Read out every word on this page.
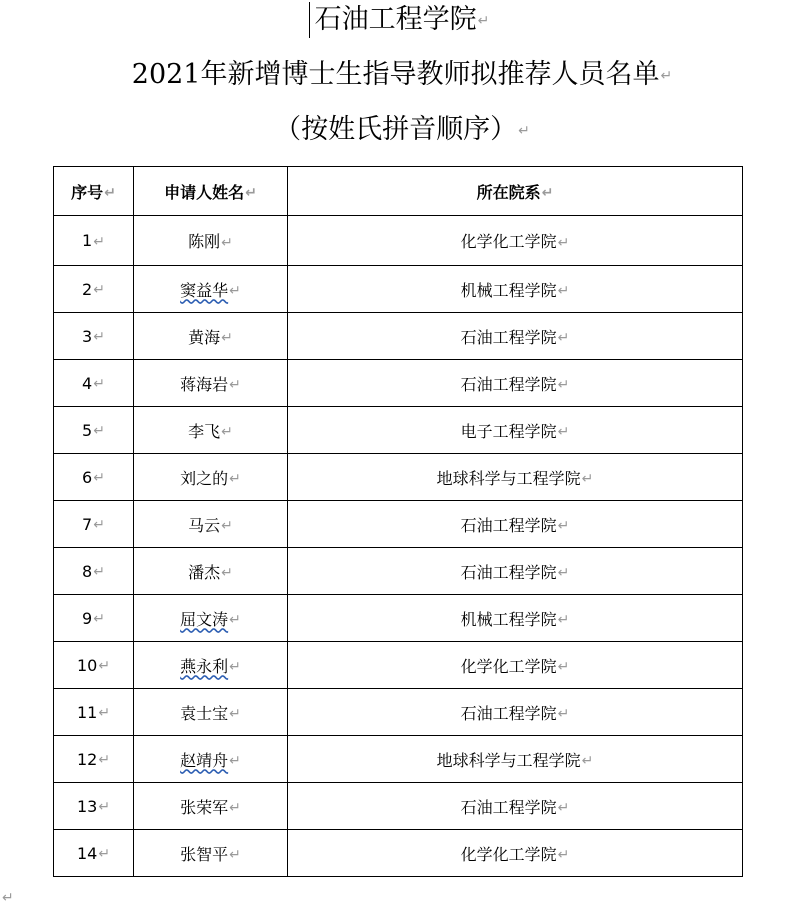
石油工程学院↵
2021年新增博士生指导教师拟推荐人员名单↵
（按姓氏拼音顺序）↵
序号↵	申请人姓名↵	所在院系↵
1↵	陈刚↵	化学化工学院↵
2↵	窦益华↵	机械工程学院↵
3↵	黄海↵	石油工程学院↵
4↵	蒋海岩↵	石油工程学院↵
5↵	李飞↵	电子工程学院↵
6↵	刘之的↵	地球科学与工程学院↵
7↵	马云↵	石油工程学院↵
8↵	潘杰↵	石油工程学院↵
9↵	屈文涛↵	机械工程学院↵
10↵	燕永利↵	化学化工学院↵
11↵	袁士宝↵	石油工程学院↵
12↵	赵靖舟↵	地球科学与工程学院↵
13↵	张荣军↵	石油工程学院↵
14↵	张智平↵	化学化工学院↵
↵
